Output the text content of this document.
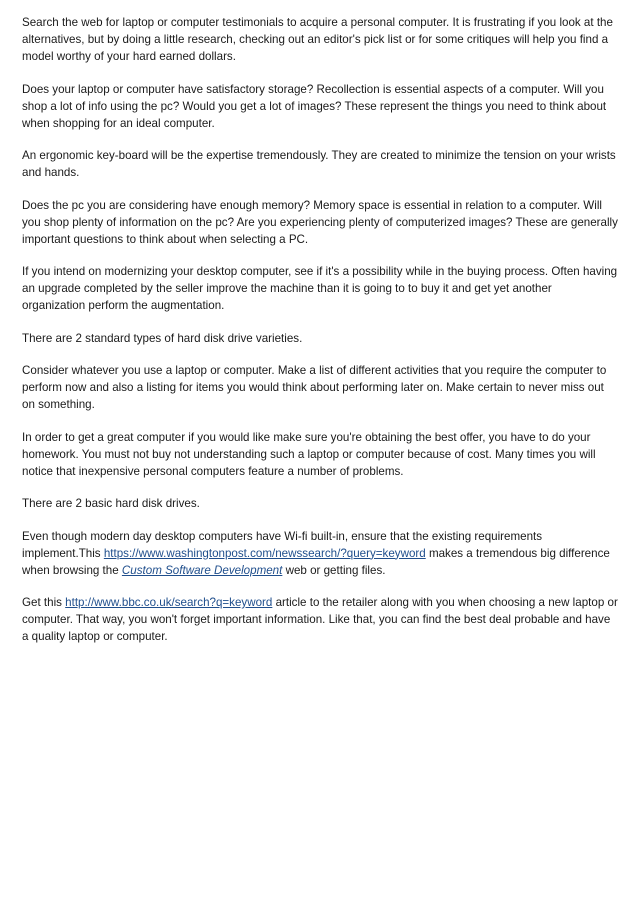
Search the web for laptop or computer testimonials to acquire a personal computer. It is frustrating if you look at the alternatives, but by doing a little research, checking out an editor's pick list or for some critiques will help you find a model worthy of your hard earned dollars.

Does your laptop or computer have satisfactory storage? Recollection is essential aspects of a computer. Will you shop a lot of info using the pc? Would you get a lot of images? These represent the things you need to think about when shopping for an ideal computer.

An ergonomic key-board will be the expertise tremendously. They are created to minimize the tension on your wrists and hands.

Does the pc you are considering have enough memory? Memory space is essential in relation to a computer. Will you shop plenty of information on the pc? Are you experiencing plenty of computerized images? These are generally important questions to think about when selecting a PC.

If you intend on modernizing your desktop computer, see if it's a possibility while in the buying process. Often having an upgrade completed by the seller improve the machine than it is going to to buy it and get yet another organization perform the augmentation.

There are 2 standard types of hard disk drive varieties.

Consider whatever you use a laptop or computer. Make a list of different activities that you require the computer to perform now and also a listing for items you would think about performing later on. Make certain to never miss out on something.

In order to get a great computer if you would like make sure you're obtaining the best offer, you have to do your homework. You must not buy not understanding such a laptop or computer because of cost. Many times you will notice that inexpensive personal computers feature a number of problems.

There are 2 basic hard disk drives.

Even though modern day desktop computers have Wi-fi built-in, ensure that the existing requirements implement.This https://www.washingtonpost.com/newssearch/?query=keyword makes a tremendous big difference when browsing the Custom Software Development web or getting files.

Get this http://www.bbc.co.uk/search?q=keyword article to the retailer along with you when choosing a new laptop or computer. That way, you won't forget important information. Like that, you can find the best deal probable and have a quality laptop or computer.
